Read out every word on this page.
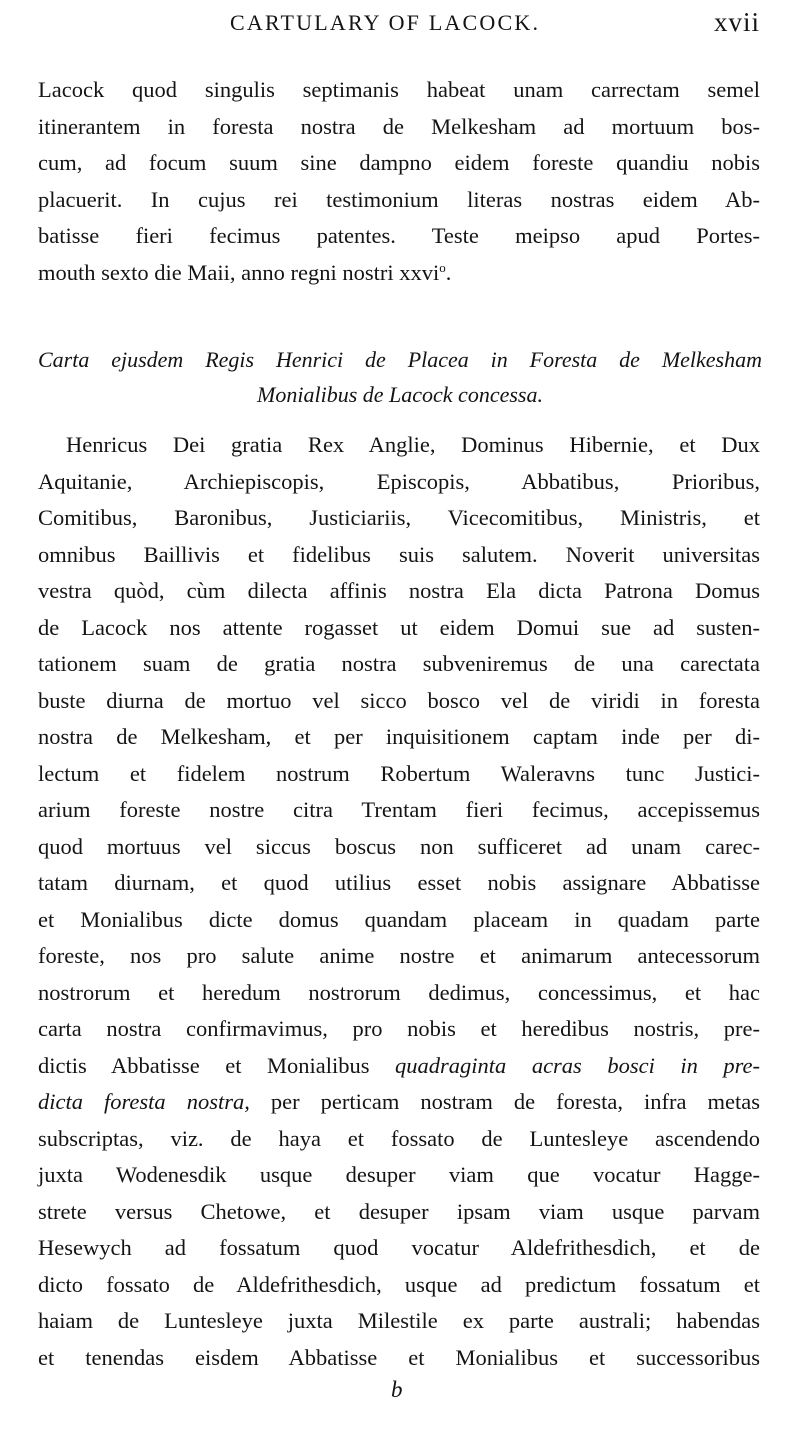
CARTULARY OF LACOCK.	xvii
Lacock quod singulis septimanis habeat unam carrectam semel
itinerantem in foresta nostra de Melkesham ad mortuum bos-
cum, ad focum suum sine dampno eidem foreste quandiu nobis
placuerit. In cujus rei testimonium literas nostras eidem Ab-
batisse fieri fecimus patentes. Teste meipso apud Portes-
mouth sexto die Maii, anno regni nostri xxvi$^o$.
Carta ejusdem Regis Henrici de Placea in Foresta de Melkesham
Monialibus de Lacock concessa.
Henricus Dei gratia Rex Anglie, Dominus Hibernie, et Dux
Aquitanie, Archiepiscopis, Episcopis, Abbatibus, Prioribus,
Comitibus, Baronibus, Justiciariis, Vicecomitibus, Ministris, et
omnibus Baillivis et fidelibus suis salutem. Noverit universitas
vestra quòd, cùm dilecta affinis nostra Ela dicta Patrona Domus
de Lacock nos attente rogasset ut eidem Domui sue ad susten-
tationem suam de gratia nostra subveniremus de una carectata
buste diurna de mortuo vel sicco bosco vel de viridi in foresta
nostra de Melkesham, et per inquisitionem captam inde per di-
lectum et fidelem nostrum Robertum Waleravns tunc Justici-
arium foreste nostre citra Trentam fieri fecimus, accepissemus
quod mortuus vel siccus boscus non sufficeret ad unam carec-
tatam diurnam, et quod utilius esset nobis assignare Abbatisse
et Monialibus dicte domus quandam placeam in quadam parte
foreste, nos pro salute anime nostre et animarum antecessorum
nostrorum et heredum nostrorum dedimus, concessimus, et hac
carta nostra confirmavimus, pro nobis et heredibus nostris, pre-
dictis Abbatisse et Monialibus quadraginta acras bosci in pre-
dicta foresta nostra, per perticam nostram de foresta, infra metas
subscriptas, viz. de haya et fossato de Luntesleye ascendendo
juxta Wodenesdik usque desuper viam que vocatur Hagge-
strete versus Chetowe, et desuper ipsam viam usque parvam
Hesewych ad fossatum quod vocatur Aldefrithesdich, et de
dicto fossato de Aldefrithesdich, usque ad predictum fossatum et
haiam de Luntesleye juxta Milestile ex parte australi; habendas
et tenendas eisdem Abbatisse et Monialibus et successoribus
b
